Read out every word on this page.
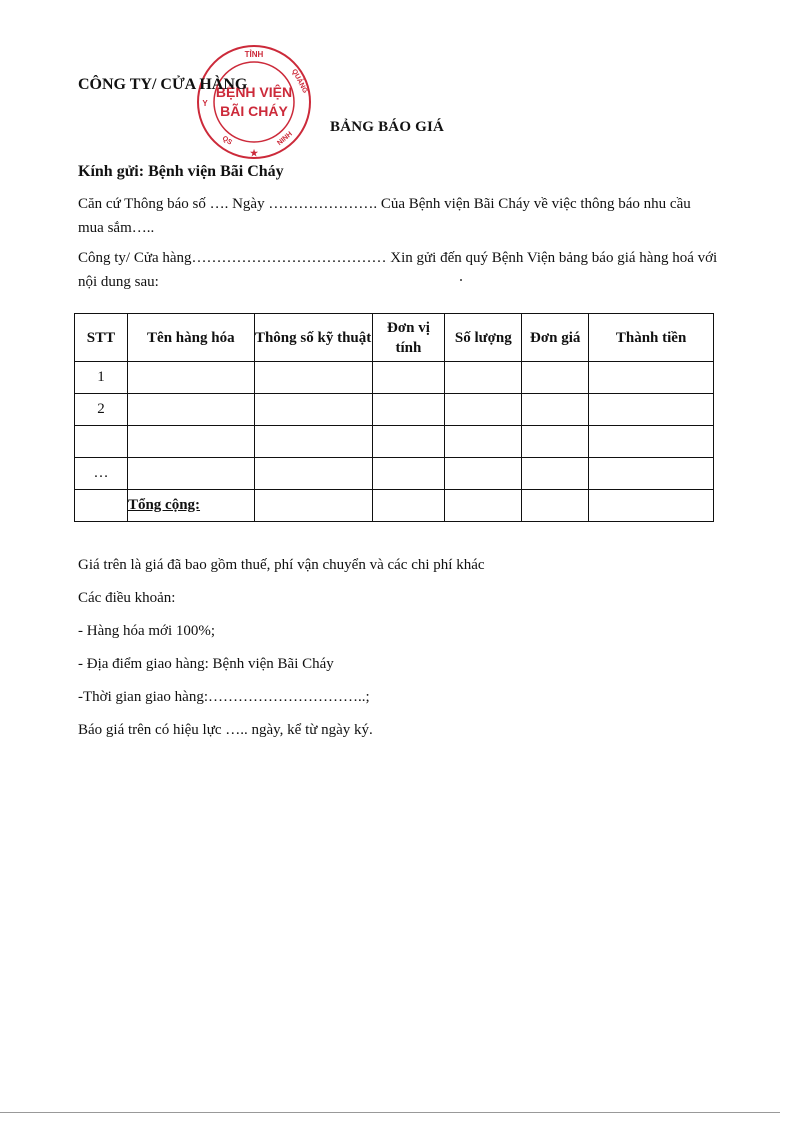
BỆNH VIỆN
BÃI CHÁY
TỈNH
QUẢNG
NINH
QS
Y
★
CÔNG TY/ CỬA HÀNG
BẢNG BÁO GIÁ
Kính gửi: Bệnh viện Bãi Cháy
Căn cứ Thông báo số …. Ngày …………………. Của Bệnh viện Bãi Cháy về việc thông báo nhu cầu mua sắm…..
Công ty/ Cửa hàng………………………………… Xin gửi đến quý Bệnh Viện bảng báo giá hàng hoá với nội dung sau:
STT	Tên hàng hóa	Thông số kỹ thuật	Đơn vị tính	Số lượng	Đơn giá	Thành tiền
1						
2						

…						
	Tổng cộng:					
Giá trên là giá đã bao gồm thuế, phí vận chuyển và các chi phí khác
Các điều khoản:
- Hàng hóa mới 100%;
- Địa điểm giao hàng: Bệnh viện Bãi Cháy
-Thời gian giao hàng:…………………………..;
Báo giá trên có hiệu lực ….. ngày, kể từ ngày ký.
